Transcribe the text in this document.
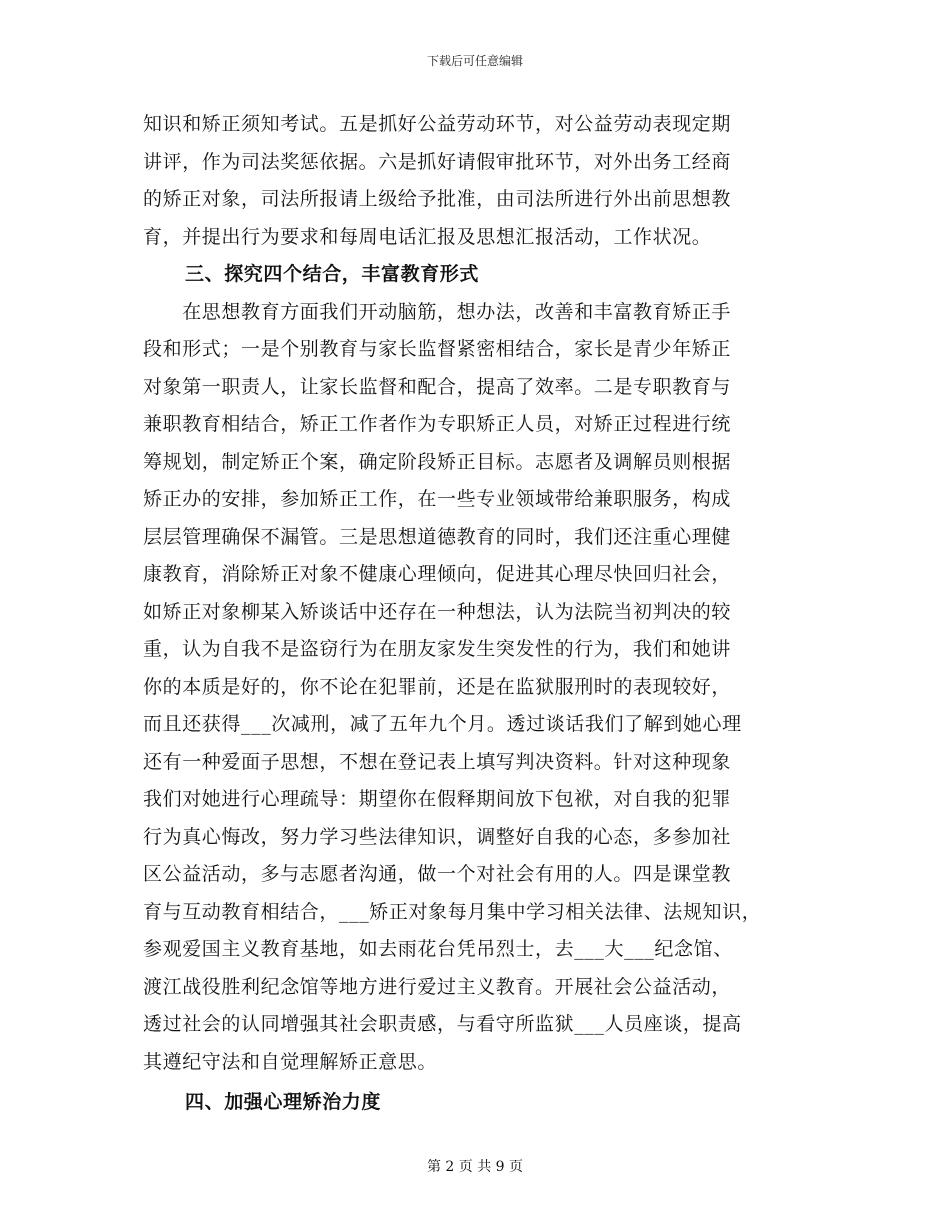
下载后可任意编辑
知识和矫正须知考试。五是抓好公益劳动环节，对公益劳动表现定期
讲评，作为司法奖惩依据。六是抓好请假审批环节，对外出务工经商
的矫正对象，司法所报请上级给予批准，由司法所进行外出前思想教
育，并提出行为要求和每周电话汇报及思想汇报活动，工作状况。
三、探究四个结合，丰富教育形式
　　在思想教育方面我们开动脑筋，想办法，改善和丰富教育矫正手
段和形式；一是个别教育与家长监督紧密相结合，家长是青少年矫正
对象第一职责人，让家长监督和配合，提高了效率。二是专职教育与
兼职教育相结合，矫正工作者作为专职矫正人员，对矫正过程进行统
筹规划，制定矫正个案，确定阶段矫正目标。志愿者及调解员则根据
矫正办的安排，参加矫正工作，在一些专业领域带给兼职服务，构成
层层管理确保不漏管。三是思想道德教育的同时，我们还注重心理健
康教育，消除矫正对象不健康心理倾向，促进其心理尽快回归社会，
如矫正对象柳某入矫谈话中还存在一种想法，认为法院当初判决的较
重，认为自我不是盗窃行为在朋友家发生突发性的行为，我们和她讲
你的本质是好的，你不论在犯罪前，还是在监狱服刑时的表现较好，
而且还获得___次减刑，减了五年九个月。透过谈话我们了解到她心理
还有一种爱面子思想，不想在登记表上填写判决资料。针对这种现象
我们对她进行心理疏导：期望你在假释期间放下包袱，对自我的犯罪
行为真心悔改，努力学习些法律知识，调整好自我的心态，多参加社
区公益活动，多与志愿者沟通，做一个对社会有用的人。四是课堂教
育与互动教育相结合，___矫正对象每月集中学习相关法律、法规知识，
参观爱国主义教育基地，如去雨花台凭吊烈士，去___大___纪念馆、
渡江战役胜利纪念馆等地方进行爱过主义教育。开展社会公益活动，
透过社会的认同增强其社会职责感，与看守所监狱___人员座谈，提高
其遵纪守法和自觉理解矫正意思。
四、加强心理矫治力度
第 2 页 共 9 页
